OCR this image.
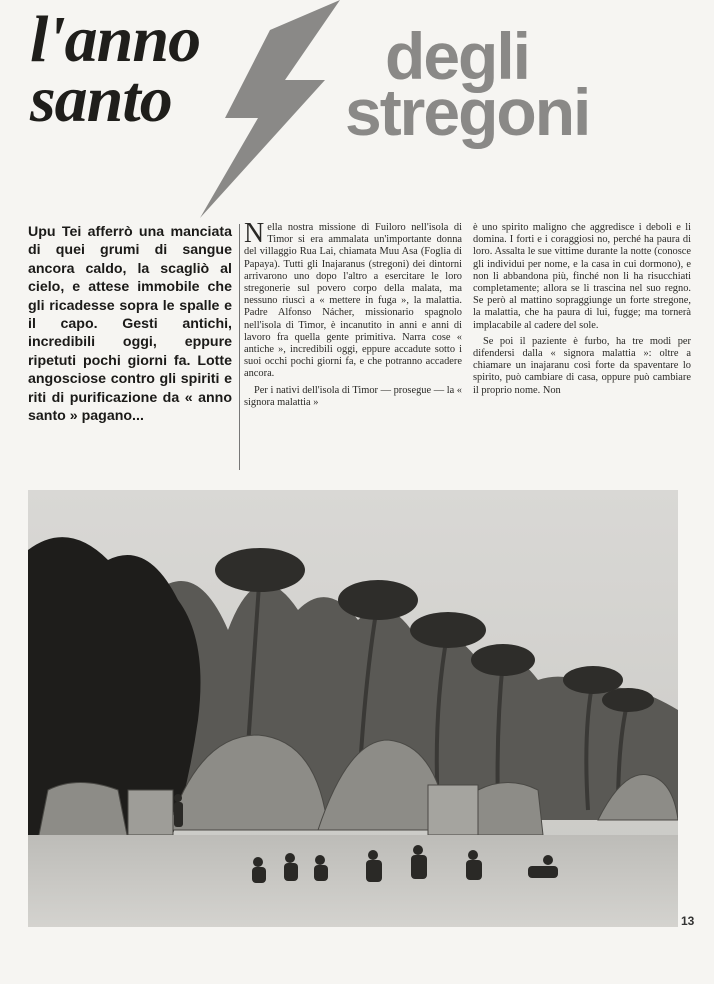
l'anno
santo
degli
stregoni
Upu Tei afferrò una manciata di quei grumi di sangue ancora caldo, la scagliò al cielo, e attese immobile che gli ricadesse sopra le spalle e il capo. Gesti antichi, incredibili oggi, eppure ripetuti pochi giorni fa. Lotte angosciose contro gli spiriti e riti di purificazione da « anno santo » pagano...

Nella nostra missione di Fuiloro nell'isola di Timor si era ammalata un'importante donna del villaggio Rua Lai, chiamata Muu Asa (Foglia di Papaya). Tutti gli Inajaranus (stregoni) dei dintorni arrivarono uno dopo l'altro a esercitare le loro stregonerie sul povero corpo della malata, ma nessuno riuscì a « mettere in fuga », la malattia. Padre Alfonso Nácher, missionario spagnolo nell'isola di Timor, è incanutito in anni e anni di lavoro fra quella gente primitiva. Narra cose « antiche », incredibili oggi, eppure accadute sotto i suoi occhi pochi giorni fa, e che potranno accadere ancora.

Per i nativi dell'isola di Timor — prosegue — la « signora malattia »

è uno spirito maligno che aggredisce i deboli e li domina. I forti e i coraggiosi no, perché ha paura di loro. Assalta le sue vittime durante la notte (conosce gli individui per nome, e la casa in cui dormono), e non li abbandona più, finché non li ha risucchiati completamente; allora se li trascina nel suo regno. Se però al mattino sopraggiunge un forte stregone, la malattia, che ha paura di lui, fugge; ma tornerà implacabile al cadere del sole.

Se poi il paziente è furbo, ha tre modi per difendersi dalla « signora malattia »: oltre a chiamare un inajaranu così forte da spaventare lo spirito, può cambiare di casa, oppure può cambiare il proprio nome. Non

13
